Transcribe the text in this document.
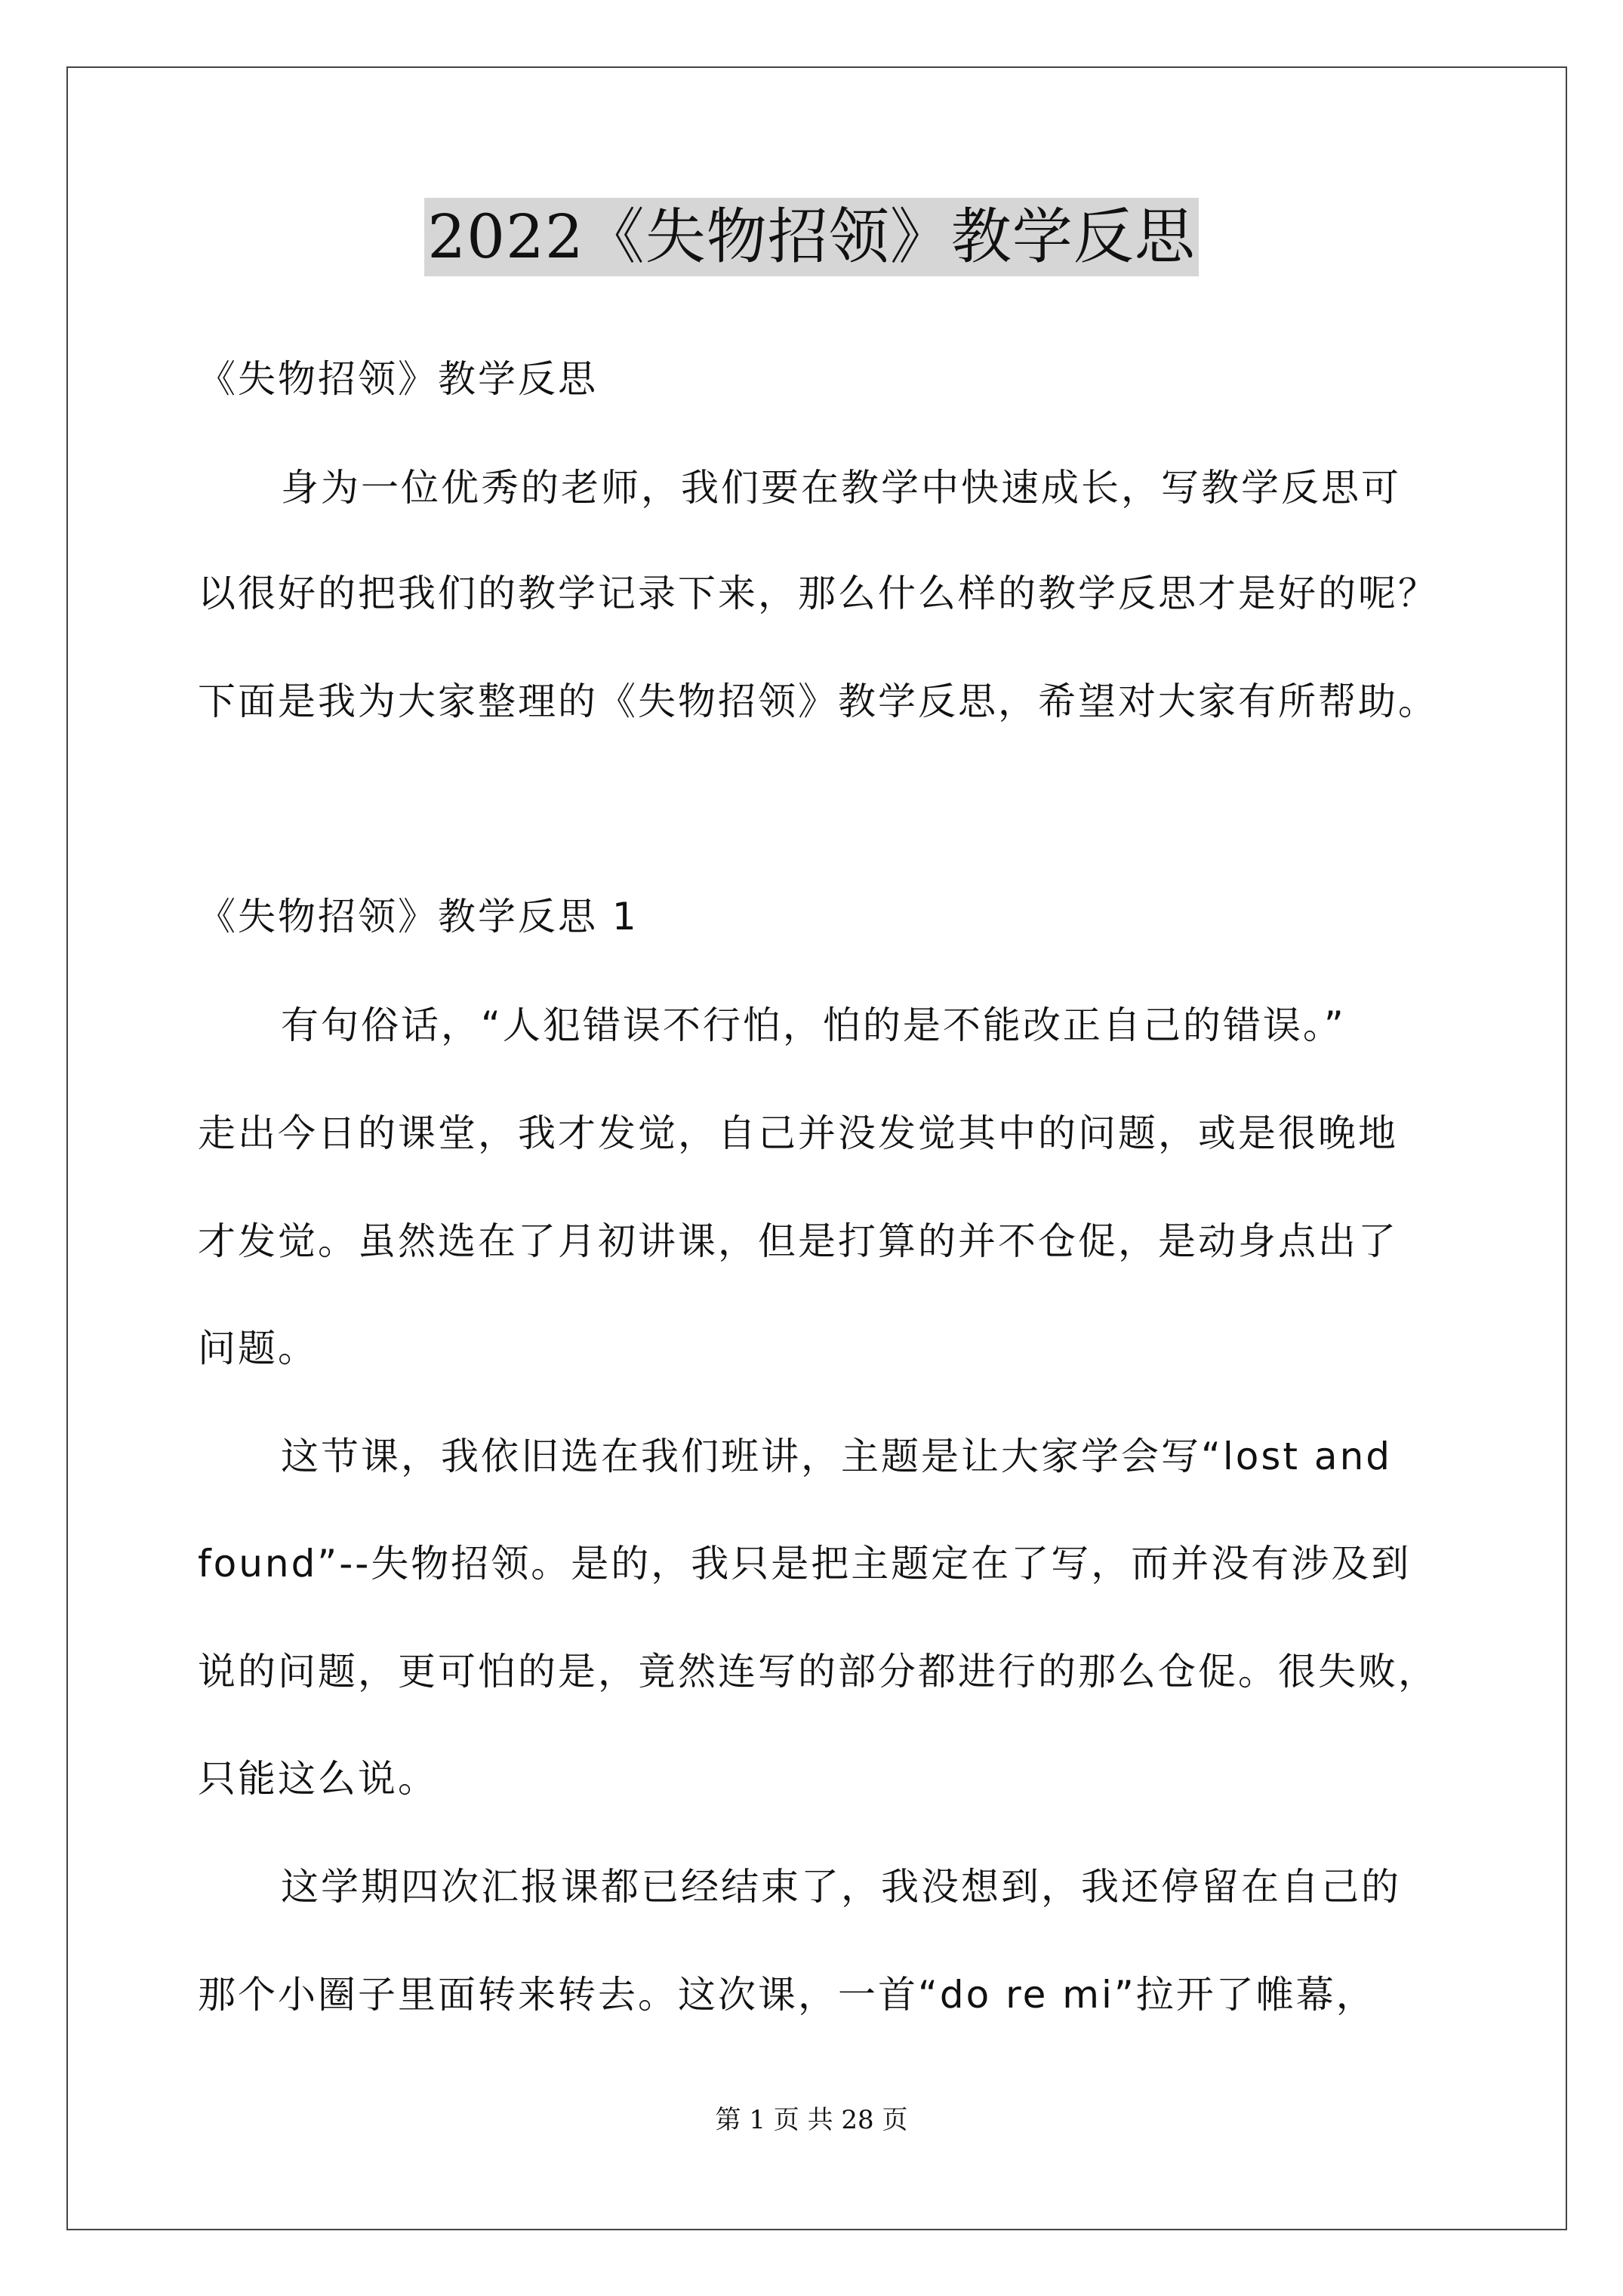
2022《失物招领》教学反思
《失物招领》教学反思
身为一位优秀的老师，我们要在教学中快速成长，写教学反思可
以很好的把我们的教学记录下来，那么什么样的教学反思才是好的呢？
下面是我为大家整理的《失物招领》教学反思，希望对大家有所帮助。
《失物招领》教学反思 1
有句俗话，“人犯错误不行怕，怕的是不能改正自己的错误。”
走出今日的课堂，我才发觉，自己并没发觉其中的问题，或是很晚地
才发觉。虽然选在了月初讲课，但是打算的并不仓促，是动身点出了
问题。
这节课，我依旧选在我们班讲，主题是让大家学会写“lost and
found”--失物招领。是的，我只是把主题定在了写，而并没有涉及到
说的问题，更可怕的是，竟然连写的部分都进行的那么仓促。很失败，
只能这么说。
这学期四次汇报课都已经结束了，我没想到，我还停留在自己的
那个小圈子里面转来转去。这次课，一首“do re mi”拉开了帷幕，
第 1 页 共 28 页
